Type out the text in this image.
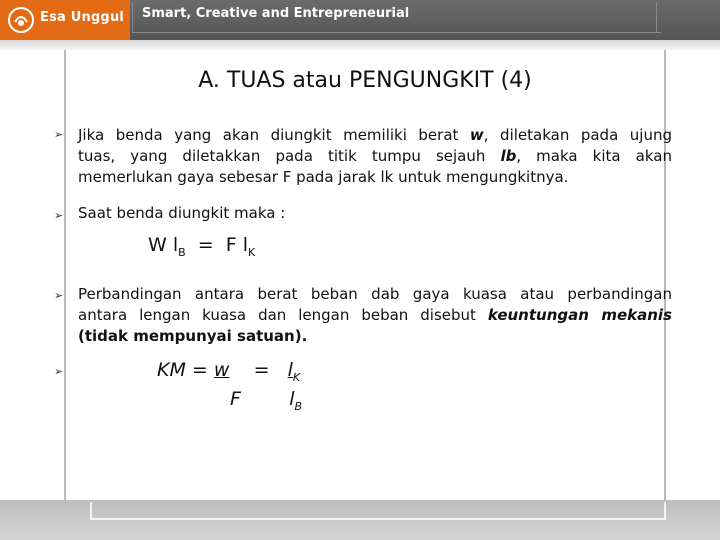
Esa Unggul Smart, Creative and Entrepreneurial
A. TUAS atau PENGUNGKIT (4)
➢ Jika benda yang akan diungkit memiliki berat w, diletakan pada ujung
tuas, yang diletakkan pada titik tumpu sejauh lb, maka kita akan
memerlukan gaya sebesar F pada jarak lk untuk mengungkitnya.
➢ Saat benda diungkit maka :
W $l_B = F$ $l_K$
➢ Perbandingan antara berat beban dab gaya kuasa atau perbandingan
antara lengan kuasa dan lengan beban disebut keuntungan mekanis
(tidak mempunyai satuan).
➢	KM = $w = l_K$
F	$l_B$
